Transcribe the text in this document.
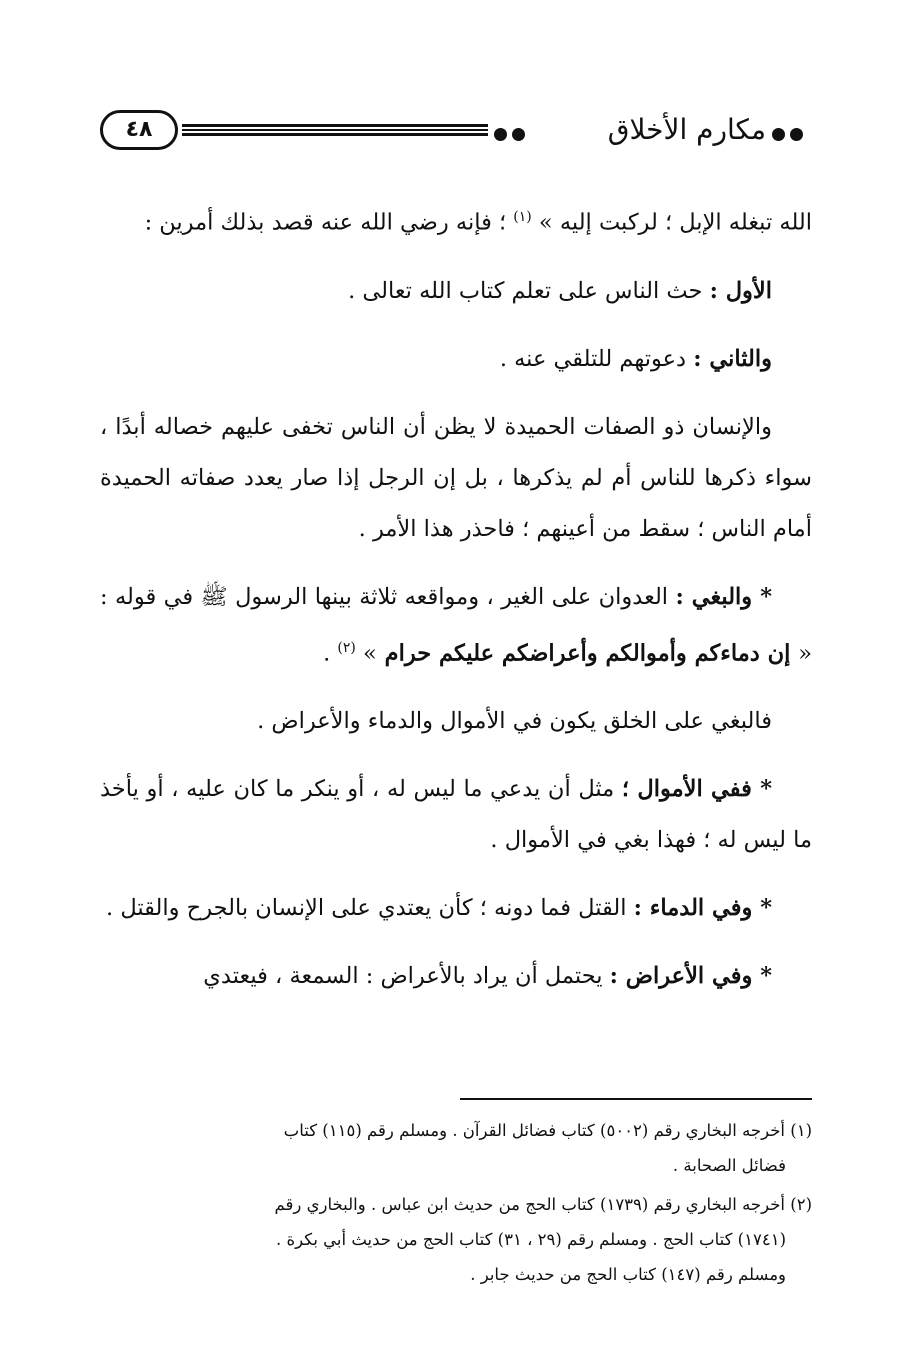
٤٨	مكارم الأخلاق

الله تبغله الإبل ؛ لركبت إليه » $^{(١)}$ ؛ فإنه رضي الله عنه قصد بذلك أمرين :

الأول : حث الناس على تعلم كتاب الله تعالى .

والثاني : دعوتهم للتلقي عنه .

والإنسان ذو الصفات الحميدة لا يظن أن الناس تخفى عليهم خصاله أبدًا ، سواء ذكرها للناس أم لم يذكرها ، بل إن الرجل إذا صار يعدد صفاته الحميدة أمام الناس ؛ سقط من أعينهم ؛ فاحذر هذا الأمر .

* والبغي : العدوان على الغير ، ومواقعه ثلاثة بينها الرسول ﷺ في قوله : « إن دماءكم وأموالكم وأعراضكم عليكم حرام » $^{(٢)}$ .

فالبغي على الخلق يكون في الأموال والدماء والأعراض .

* ففي الأموال ؛ مثل أن يدعي ما ليس له ، أو ينكر ما كان عليه ، أو يأخذ ما ليس له ؛ فهذا بغي في الأموال .

* وفي الدماء : القتل فما دونه ؛ كأن يعتدي على الإنسان بالجرح والقتل .

* وفي الأعراض : يحتمل أن يراد بالأعراض : السمعة ، فيعتدي

(١) أخرجه البخاري رقم (٥٠٠٢) كتاب فضائل القرآن . ومسلم رقم (١١٥) كتاب
فضائل الصحابة .

(٢) أخرجه البخاري رقم (١٧٣٩) كتاب الحج من حديث ابن عباس . والبخاري رقم
(١٧٤١) كتاب الحج . ومسلم رقم (٢٩ ، ٣١) كتاب الحج من حديث أبي بكرة .
ومسلم رقم (١٤٧) كتاب الحج من حديث جابر .
